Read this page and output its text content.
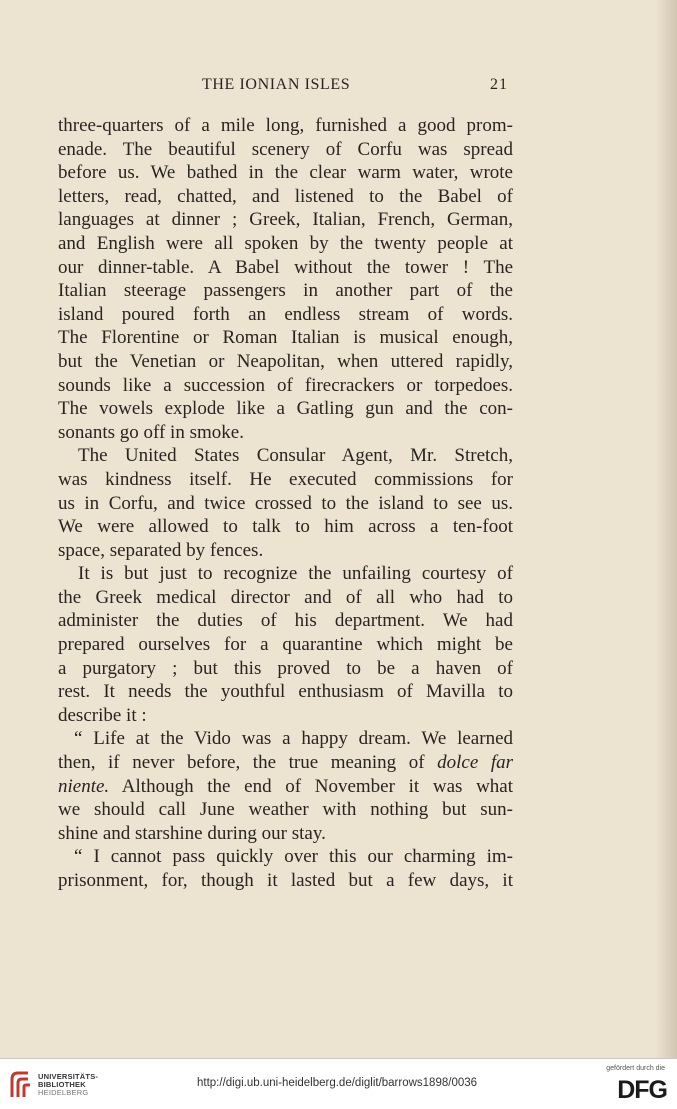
THE IONIAN ISLES	21
three-quarters of a mile long, furnished a good prom-
enade. The beautiful scenery of Corfu was spread
before us. We bathed in the clear warm water, wrote
letters, read, chatted, and listened to the Babel of
languages at dinner ; Greek, Italian, French, German,
and English were all spoken by the twenty people at
our dinner-table. A Babel without the tower ! The
Italian steerage passengers in another part of the
island poured forth an endless stream of words.
The Florentine or Roman Italian is musical enough,
but the Venetian or Neapolitan, when uttered rapidly,
sounds like a succession of firecrackers or torpedoes.
The vowels explode like a Gatling gun and the con-
sonants go off in smoke.
The United States Consular Agent, Mr. Stretch,
was kindness itself. He executed commissions for
us in Corfu, and twice crossed to the island to see us.
We were allowed to talk to him across a ten-foot
space, separated by fences.
It is but just to recognize the unfailing courtesy of
the Greek medical director and of all who had to
administer the duties of his department. We had
prepared ourselves for a quarantine which might be
a purgatory ; but this proved to be a haven of
rest. It needs the youthful enthusiasm of Mavilla to
describe it :
“ Life at the Vido was a happy dream. We learned
then, if never before, the true meaning of dolce far
niente. Although the end of November it was what
we should call June weather with nothing but sun-
shine and starshine during our stay.
“ I cannot pass quickly over this our charming im-
prisonment, for, though it lasted but a few days, it
UNIVERSITÄTS-
BIBLIOTHEK
HEIDELBERG
http://digi.ub.uni-heidelberg.de/diglit/barrows1898/0036
gefördert durch die
DFG
